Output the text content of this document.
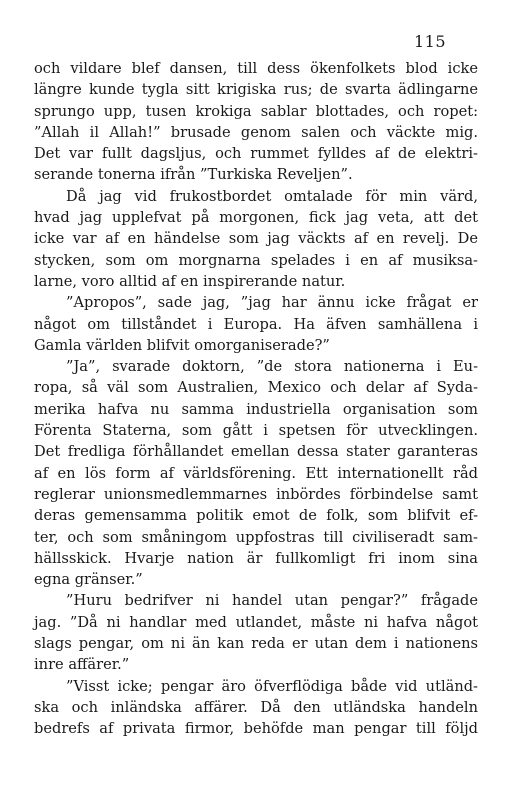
115
och vildare blef dansen, till dess ökenfolkets blod icke
längre kunde tygla sitt krigiska rus; de svarta ädlingarne
sprungo upp, tusen krokiga sablar blottades, och ropet:
”Allah il Allah!” brusade genom salen och väckte mig.
Det var fullt dagsljus, och rummet fylldes af de elektri-
serande tonerna ifrån ”Turkiska Reveljen”.
Då jag vid frukostbordet omtalade för min värd,
hvad jag upplefvat på morgonen, fick jag veta, att det
icke var af en händelse som jag väckts af en revelj. De
stycken, som om morgnarna spelades i en af musiksa-
larne, voro alltid af en inspirerande natur.
”Apropos”, sade jag, ”jag har ännu icke frågat er
något om tillståndet i Europa. Ha äfven samhällena i
Gamla världen blifvit omorganiserade?”
”Ja”, svarade doktorn, ”de stora nationerna i Eu-
ropa, så väl som Australien, Mexico och delar af Syda-
merika hafva nu samma industriella organisation som
Förenta Staterna, som gått i spetsen för utvecklingen.
Det fredliga förhållandet emellan dessa stater garanteras
af en lös form af världsförening. Ett internationellt råd
reglerar unionsmedlemmarnes inbördes förbindelse samt
deras gemensamma politik emot de folk, som blifvit ef-
ter, och som småningom uppfostras till civiliseradt sam-
hällsskick. Hvarje nation är fullkomligt fri inom sina
egna gränser.”
”Huru bedrifver ni handel utan pengar?” frågade
jag. ”Då ni handlar med utlandet, måste ni hafva något
slags pengar, om ni än kan reda er utan dem i nationens
inre affärer.”
”Visst icke; pengar äro öfverflödiga både vid utländ-
ska och inländska affärer. Då den utländska handeln
bedrefs af privata firmor, behöfde man pengar till följd
